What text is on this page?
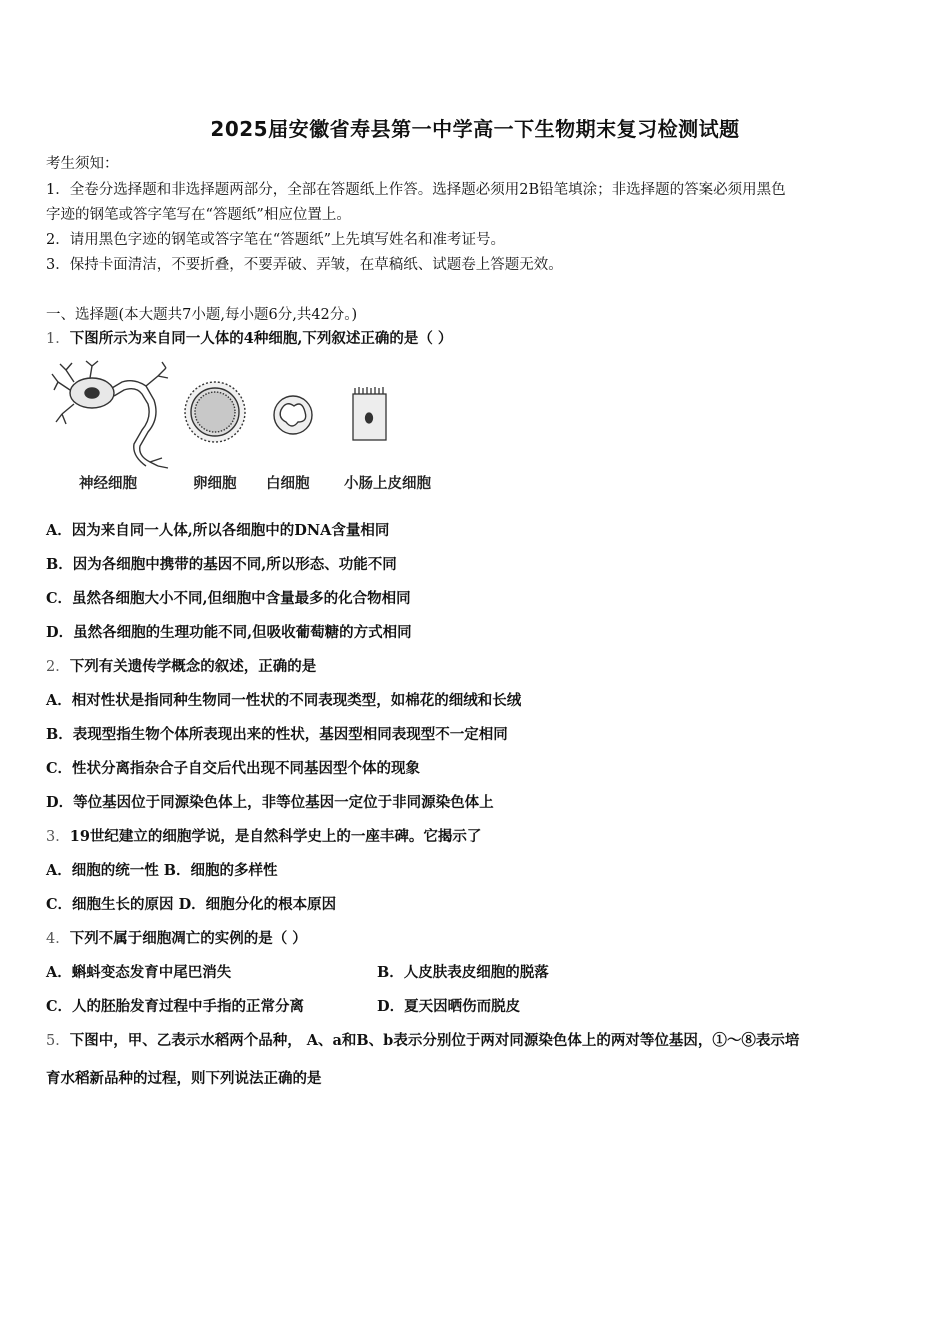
2025届安徽省寿县第一中学高一下生物期末复习检测试题
考生须知：
1．全卷分选择题和非选择题两部分，全部在答题纸上作答。选择题必须用2B铅笔填涂；非选择题的答案必须用黑色
字迹的钢笔或答字笔写在“答题纸”相应位置上。
2．请用黑色字迹的钢笔或答字笔在“答题纸”上先填写姓名和准考证号。
3．保持卡面清洁，不要折叠，不要弄破、弄皱，在草稿纸、试题卷上答题无效。
一、选择题(本大题共7小题,每小题6分,共42分。)
1．下图所示为来自同一人体的4种细胞,下列叙述正确的是（ ）
神经细胞	卵细胞 白细胞 小肠上皮细胞
A．因为来自同一人体,所以各细胞中的DNA含量相同
B．因为各细胞中携带的基因不同,所以形态、功能不同
C．虽然各细胞大小不同,但细胞中含量最多的化合物相同
D．虽然各细胞的生理功能不同,但吸收葡萄糖的方式相同
2．下列有关遗传学概念的叙述，正确的是
A．相对性状是指同种生物同一性状的不同表现类型，如棉花的细绒和长绒
B．表现型指生物个体所表现出来的性状，基因型相同表现型不一定相同
C．性状分离指杂合子自交后代出现不同基因型个体的现象
D．等位基因位于同源染色体上，非等位基因一定位于非同源染色体上
3．19世纪建立的细胞学说，是自然科学史上的一座丰碑。它揭示了
A．细胞的统一性 B．细胞的多样性
C．细胞生长的原因 D．细胞分化的根本原因
4．下列不属于细胞凋亡的实例的是（ ）
A．蝌蚪变态发育中尾巴消失	B．人皮肤表皮细胞的脱落
C．人的胚胎发育过程中手指的正常分离	D．夏天因晒伤而脱皮
5．下图中，甲、乙表示水稻两个品种， A、a和B、b表示分别位于两对同源染色体上的两对等位基因，①～⑧表示培
育水稻新品种的过程，则下列说法正确的是
